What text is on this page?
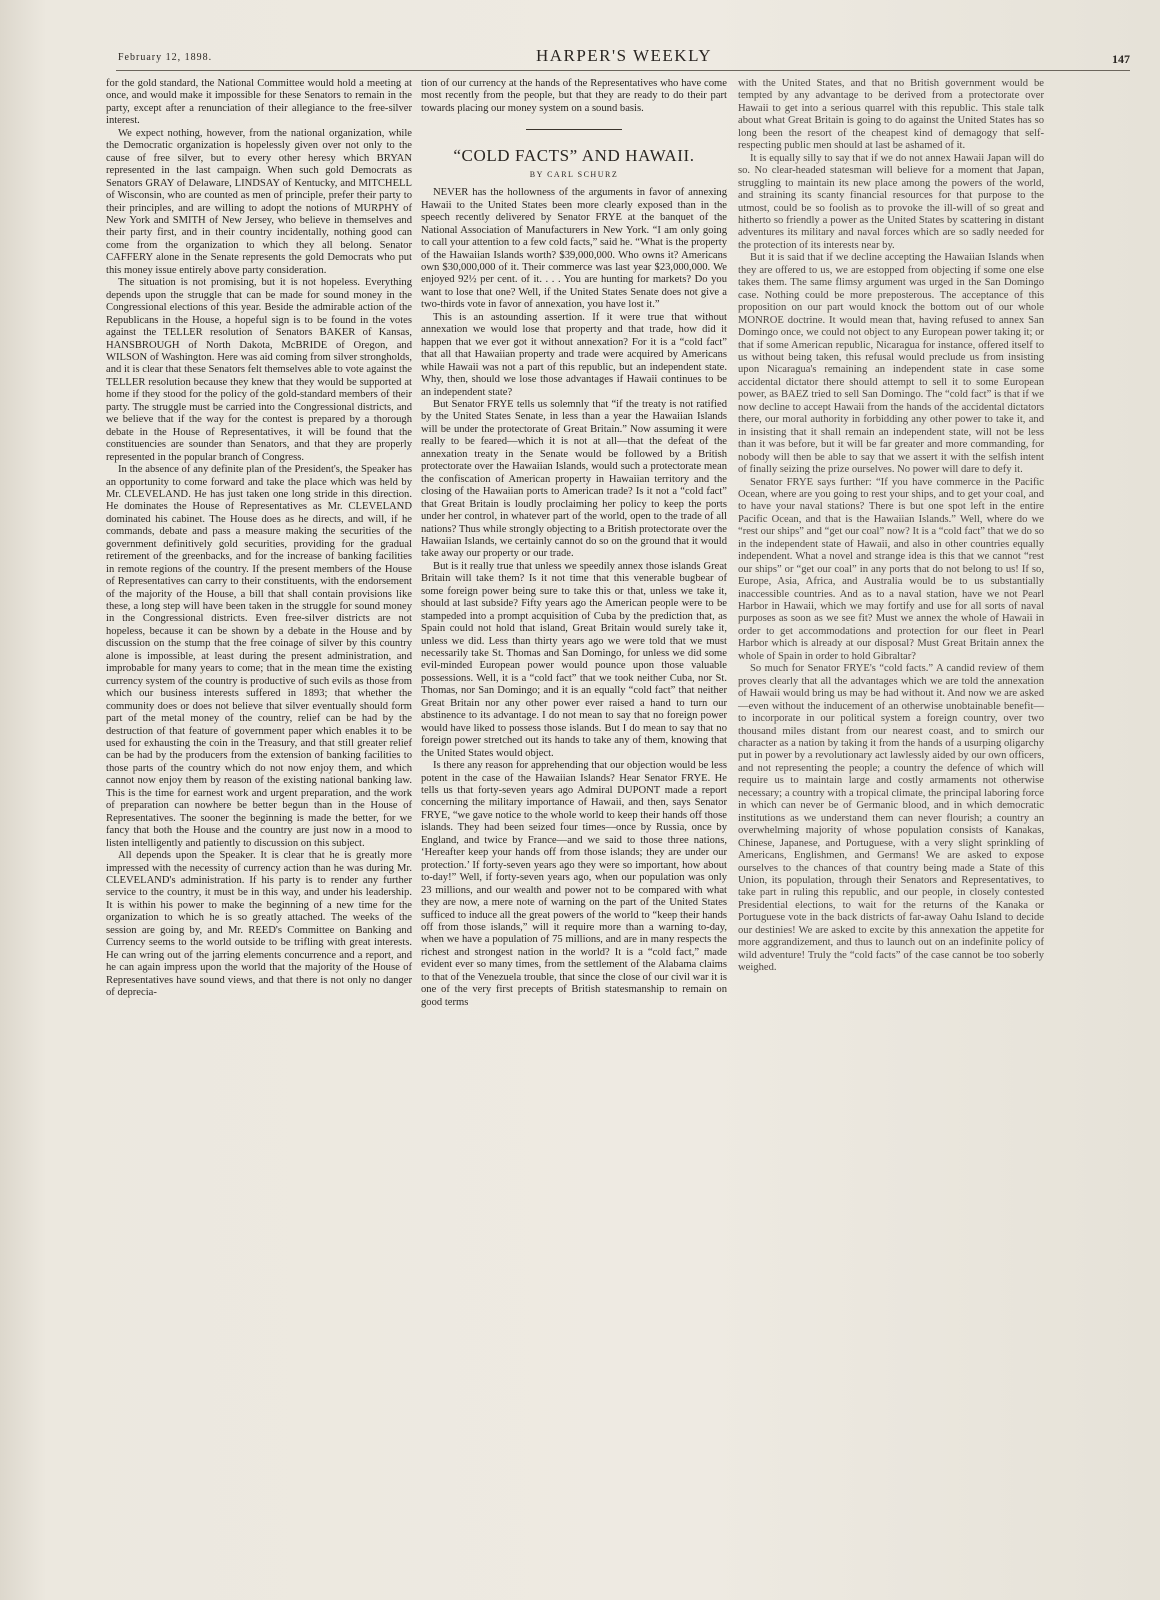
February 12, 1898.	HARPER'S WEEKLY	147

for the gold standard, the National Committee would hold a meeting at once, and would make it impossible for these Senators to remain in the party, except after a renunciation of their allegiance to the free-silver interest.

We expect nothing, however, from the national organization, while the Democratic organization is hopelessly given over not only to the cause of free silver, but to every other heresy which BRYAN represented in the last campaign. When such gold Democrats as Senators GRAY of Delaware, LINDSAY of Kentucky, and MITCHELL of Wisconsin, who are counted as men of principle, prefer their party to their principles, and are willing to adopt the notions of MURPHY of New York and SMITH of New Jersey, who believe in themselves and their party first, and in their country incidentally, nothing good can come from the organization to which they all belong. Senator CAFFERY alone in the Senate represents the gold Democrats who put this money issue entirely above party consideration.

The situation is not promising, but it is not hopeless. Everything depends upon the struggle that can be made for sound money in the Congressional elections of this year. Beside the admirable action of the Republicans in the House, a hopeful sign is to be found in the votes against the TELLER resolution of Senators BAKER of Kansas, HANSBROUGH of North Dakota, McBRIDE of Oregon, and WILSON of Washington. Here was aid coming from silver strongholds, and it is clear that these Senators felt themselves able to vote against the TELLER resolution because they knew that they would be supported at home if they stood for the policy of the gold-standard members of their party. The struggle must be carried into the Congressional districts, and we believe that if the way for the contest is prepared by a thorough debate in the House of Representatives, it will be found that the constituencies are sounder than Senators, and that they are properly represented in the popular branch of Congress.

In the absence of any definite plan of the President's, the Speaker has an opportunity to come forward and take the place which was held by Mr. CLEVELAND. He has just taken one long stride in this direction. He dominates the House of Representatives as Mr. CLEVELAND dominated his cabinet. The House does as he directs, and will, if he commands, debate and pass a measure making the securities of the government definitively gold securities, providing for the gradual retirement of the greenbacks, and for the increase of banking facilities in remote regions of the country. If the present members of the House of Representatives can carry to their constituents, with the endorsement of the majority of the House, a bill that shall contain provisions like these, a long step will have been taken in the struggle for sound money in the Congressional districts. Even free-silver districts are not hopeless, because it can be shown by a debate in the House and by discussion on the stump that the free coinage of silver by this country alone is impossible, at least during the present administration, and improbable for many years to come; that in the mean time the existing currency system of the country is productive of such evils as those from which our business interests suffered in 1893; that whether the community does or does not believe that silver eventually should form part of the metal money of the country, relief can be had by the destruction of that feature of government paper which enables it to be used for exhausting the coin in the Treasury, and that still greater relief can be had by the producers from the extension of banking facilities to those parts of the country which do not now enjoy them, and which cannot now enjoy them by reason of the existing national banking law. This is the time for earnest work and urgent preparation, and the work of preparation can nowhere be better begun than in the House of Representatives. The sooner the beginning is made the better, for we fancy that both the House and the country are just now in a mood to listen intelligently and patiently to discussion on this subject.

All depends upon the Speaker. It is clear that he is greatly more impressed with the necessity of currency action than he was during Mr. CLEVELAND's administration. If his party is to render any further service to the country, it must be in this way, and under his leadership. It is within his power to make the beginning of a new time for the organization to which he is so greatly attached. The weeks of the session are going by, and Mr. REED's Committee on Banking and Currency seems to the world outside to be trifling with great interests. He can wring out of the jarring elements concurrence and a report, and he can again impress upon the world that the majority of the House of Representatives have sound views, and that there is not only no danger of deprecia-

tion of our currency at the hands of the Representatives who have come most recently from the people, but that they are ready to do their part towards placing our money system on a sound basis.

“COLD FACTS” AND HAWAII.
BY CARL SCHURZ

NEVER has the hollowness of the arguments in favor of annexing Hawaii to the United States been more clearly exposed than in the speech recently delivered by Senator FRYE at the banquet of the National Association of Manufacturers in New York. “I am only going to call your attention to a few cold facts,” said he. “What is the property of the Hawaiian Islands worth? $39,000,000. Who owns it? Americans own $30,000,000 of it. Their commerce was last year $23,000,000. We enjoyed 92½ per cent. of it. . . . You are hunting for markets? Do you want to lose that one? Well, if the United States Senate does not give a two-thirds vote in favor of annexation, you have lost it.”

This is an astounding assertion. If it were true that without annexation we would lose that property and that trade, how did it happen that we ever got it without annexation? For it is a “cold fact” that all that Hawaiian property and trade were acquired by Americans while Hawaii was not a part of this republic, but an independent state. Why, then, should we lose those advantages if Hawaii continues to be an independent state?

But Senator FRYE tells us solemnly that “if the treaty is not ratified by the United States Senate, in less than a year the Hawaiian Islands will be under the protectorate of Great Britain.” Now assuming it were really to be feared—which it is not at all—that the defeat of the annexation treaty in the Senate would be followed by a British protectorate over the Hawaiian Islands, would such a protectorate mean the confiscation of American property in Hawaiian territory and the closing of the Hawaiian ports to American trade? Is it not a “cold fact” that Great Britain is loudly proclaiming her policy to keep the ports under her control, in whatever part of the world, open to the trade of all nations? Thus while strongly objecting to a British protectorate over the Hawaiian Islands, we certainly cannot do so on the ground that it would take away our property or our trade.

But is it really true that unless we speedily annex those islands Great Britain will take them? Is it not time that this venerable bugbear of some foreign power being sure to take this or that, unless we take it, should at last subside? Fifty years ago the American people were to be stampeded into a prompt acquisition of Cuba by the prediction that, as Spain could not hold that island, Great Britain would surely take it, unless we did. Less than thirty years ago we were told that we must necessarily take St. Thomas and San Domingo, for unless we did some evil-minded European power would pounce upon those valuable possessions. Well, it is a “cold fact” that we took neither Cuba, nor St. Thomas, nor San Domingo; and it is an equally “cold fact” that neither Great Britain nor any other power ever raised a hand to turn our abstinence to its advantage. I do not mean to say that no foreign power would have liked to possess those islands. But I do mean to say that no foreign power stretched out its hands to take any of them, knowing that the United States would object.

Is there any reason for apprehending that our objection would be less potent in the case of the Hawaiian Islands? Hear Senator FRYE. He tells us that forty-seven years ago Admiral DUPONT made a report concerning the military importance of Hawaii, and then, says Senator FRYE, “we gave notice to the whole world to keep their hands off those islands. They had been seized four times—once by Russia, once by England, and twice by France—and we said to those three nations, ‘Hereafter keep your hands off from those islands; they are under our protection.’ If forty-seven years ago they were so important, how about to-day!” Well, if forty-seven years ago, when our population was only 23 millions, and our wealth and power not to be compared with what they are now, a mere note of warning on the part of the United States sufficed to induce all the great powers of the world to “keep their hands off from those islands,” will it require more than a warning to-day, when we have a population of 75 millions, and are in many respects the richest and strongest nation in the world? It is a “cold fact,” made evident ever so many times, from the settlement of the Alabama claims to that of the Venezuela trouble, that since the close of our civil war it is one of the very first precepts of British statesmanship to remain on good terms

with the United States, and that no British government would be tempted by any advantage to be derived from a protectorate over Hawaii to get into a serious quarrel with this republic. This stale talk about what Great Britain is going to do against the United States has so long been the resort of the cheapest kind of demagogy that self-respecting public men should at last be ashamed of it.

It is equally silly to say that if we do not annex Hawaii Japan will do so. No clear-headed statesman will believe for a moment that Japan, struggling to maintain its new place among the powers of the world, and straining its scanty financial resources for that purpose to the utmost, could be so foolish as to provoke the ill-will of so great and hitherto so friendly a power as the United States by scattering in distant adventures its military and naval forces which are so sadly needed for the protection of its interests near by.

But it is said that if we decline accepting the Hawaiian Islands when they are offered to us, we are estopped from objecting if some one else takes them. The same flimsy argument was urged in the San Domingo case. Nothing could be more preposterous. The acceptance of this proposition on our part would knock the bottom out of our whole MONROE doctrine. It would mean that, having refused to annex San Domingo once, we could not object to any European power taking it; or that if some American republic, Nicaragua for instance, offered itself to us without being taken, this refusal would preclude us from insisting upon Nicaragua's remaining an independent state in case some accidental dictator there should attempt to sell it to some European power, as BAEZ tried to sell San Domingo. The “cold fact” is that if we now decline to accept Hawaii from the hands of the accidental dictators there, our moral authority in forbidding any other power to take it, and in insisting that it shall remain an independent state, will not be less than it was before, but it will be far greater and more commanding, for nobody will then be able to say that we assert it with the selfish intent of finally seizing the prize ourselves. No power will dare to defy it.

Senator FRYE says further: “If you have commerce in the Pacific Ocean, where are you going to rest your ships, and to get your coal, and to have your naval stations? There is but one spot left in the entire Pacific Ocean, and that is the Hawaiian Islands.” Well, where do we “rest our ships” and “get our coal” now? It is a “cold fact” that we do so in the independent state of Hawaii, and also in other countries equally independent. What a novel and strange idea is this that we cannot “rest our ships” or “get our coal” in any ports that do not belong to us! If so, Europe, Asia, Africa, and Australia would be to us substantially inaccessible countries. And as to a naval station, have we not Pearl Harbor in Hawaii, which we may fortify and use for all sorts of naval purposes as soon as we see fit? Must we annex the whole of Hawaii in order to get accommodations and protection for our fleet in Pearl Harbor which is already at our disposal? Must Great Britain annex the whole of Spain in order to hold Gibraltar?

So much for Senator FRYE's “cold facts.” A candid review of them proves clearly that all the advantages which we are told the annexation of Hawaii would bring us may be had without it. And now we are asked—even without the inducement of an otherwise unobtainable benefit—to incorporate in our political system a foreign country, over two thousand miles distant from our nearest coast, and to smirch our character as a nation by taking it from the hands of a usurping oligarchy put in power by a revolutionary act lawlessly aided by our own officers, and not representing the people; a country the defence of which will require us to maintain large and costly armaments not otherwise necessary; a country with a tropical climate, the principal laboring force in which can never be of Germanic blood, and in which democratic institutions as we understand them can never flourish; a country an overwhelming majority of whose population consists of Kanakas, Chinese, Japanese, and Portuguese, with a very slight sprinkling of Americans, Englishmen, and Germans! We are asked to expose ourselves to the chances of that country being made a State of this Union, its population, through their Senators and Representatives, to take part in ruling this republic, and our people, in closely contested Presidential elections, to wait for the returns of the Kanaka or Portuguese vote in the back districts of far-away Oahu Island to decide our destinies! We are asked to excite by this annexation the appetite for more aggrandizement, and thus to launch out on an indefinite policy of wild adventure! Truly the “cold facts” of the case cannot be too soberly weighed.
